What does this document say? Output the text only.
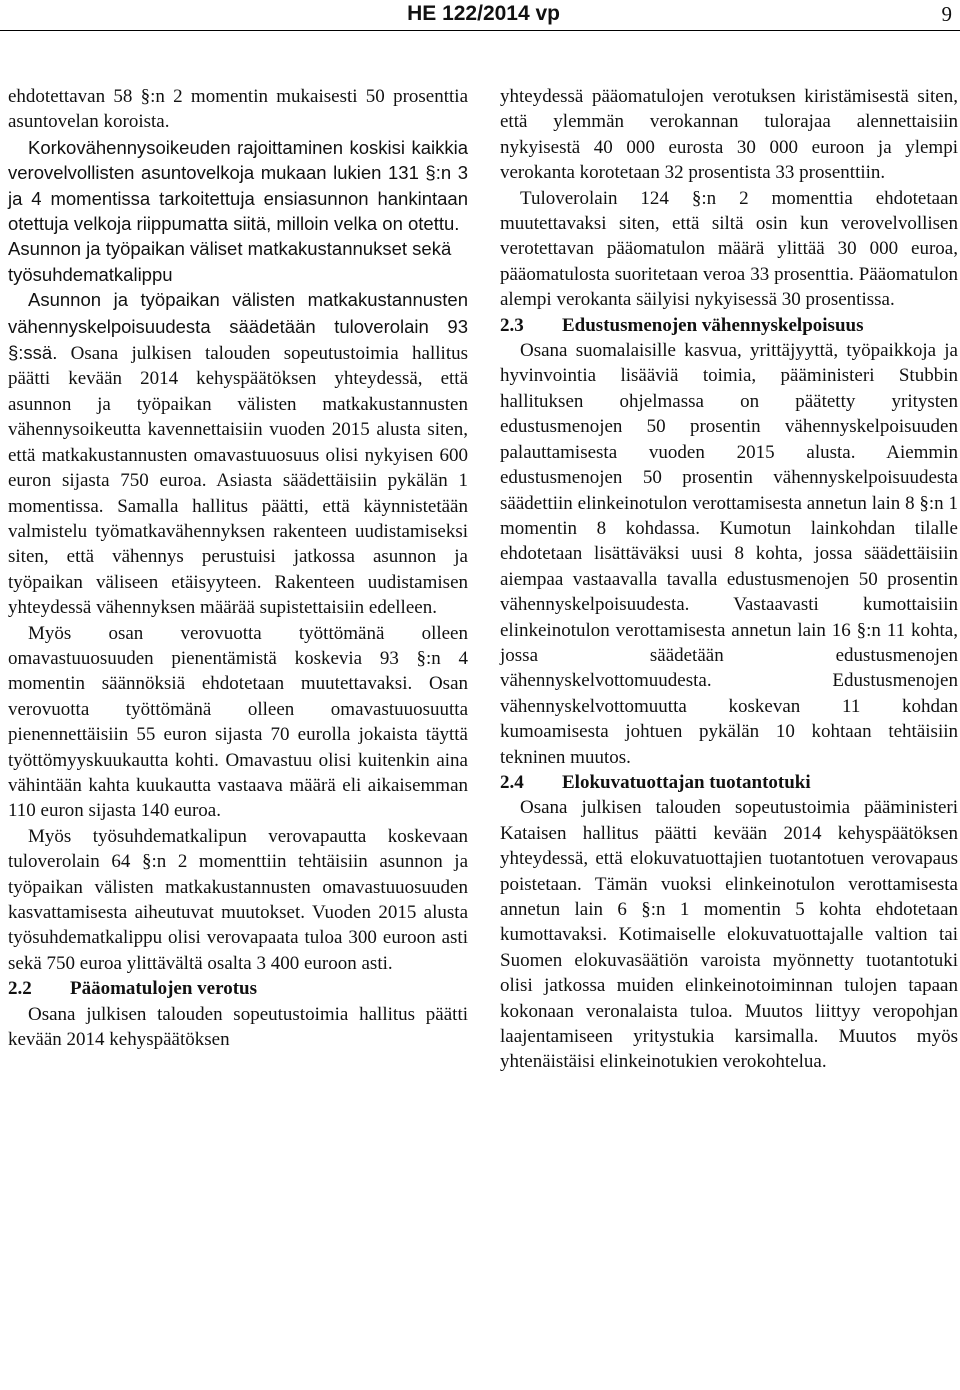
HE 122/2014 vp	9

ehdotettavan 58 §:n 2 momentin mukaisesti 50 prosenttia asuntovelan koroista.

Korkovähennysoikeuden rajoittaminen koskisi kaikkia verovelvollisten asuntovelkoja mukaan lukien 131 §:n 3 ja 4 momentissa tarkoitettuja ensiasunnon hankintaan otettuja velkoja riippumatta siitä, milloin velka on otettu.

Asunnon ja työpaikan väliset matkakustannukset sekä työsuhdematkalippu

Asunnon ja työpaikan välisten matkakustannusten vähennyskelpoisuudesta säädetään tuloverolain 93 §:ssä. Osana julkisen talouden sopeutustoimia hallitus päätti kevään 2014 kehyspäätöksen yhteydessä, että asunnon ja työpaikan välisten matkakustannusten vähennysoikeutta kavennettaisiin vuoden 2015 alusta siten, että matkakustannusten omavastuuosuus olisi nykyisen 600 euron sijasta 750 euroa. Asiasta säädettäisiin pykälän 1 momentissa. Samalla hallitus päätti, että käynnistetään valmistelu työmatkavähennyksen rakenteen uudistamiseksi siten, että vähennys perustuisi jatkossa asunnon ja työpaikan väliseen etäisyyteen. Rakenteen uudistamisen yhteydessä vähennyksen määrää supistettaisiin edelleen.

Myös osan verovuotta työttömänä olleen omavastuuosuuden pienentämistä koskevia 93 §:n 4 momentin säännöksiä ehdotetaan muutettavaksi. Osan verovuotta työttömänä olleen omavastuuosuutta pienennettäisiin 55 euron sijasta 70 eurolla jokaista täyttä työttömyyskuukautta kohti. Omavastuu olisi kuitenkin aina vähintään kahta kuukautta vastaava määrä eli aikaisemman 110 euron sijasta 140 euroa.

Myös työsuhdematkalipun verovapautta koskevaan tuloverolain 64 §:n 2 momenttiin tehtäisiin asunnon ja työpaikan välisten matkakustannusten omavastuuosuuden kasvattamisesta aiheutuvat muutokset. Vuoden 2015 alusta työsuhdematkalippu olisi verovapaata tuloa 300 euroon asti sekä 750 euroa ylittävältä osalta 3 400 euroon asti.

2.2 Pääomatulojen verotus

Osana julkisen talouden sopeutustoimia hallitus päätti kevään 2014 kehyspäätöksen

yhteydessä pääomatulojen verotuksen kiristämisestä siten, että ylemmän verokannan tulorajaa alennettaisiin nykyisestä 40 000 eurosta 30 000 euroon ja ylempi verokanta korotetaan 32 prosentista 33 prosenttiin.

Tuloverolain 124 §:n 2 momenttia ehdotetaan muutettavaksi siten, että siltä osin kun verovelvollisen verotettavan pääomatulon määrä ylittää 30 000 euroa, pääomatulosta suoritetaan veroa 33 prosenttia. Pääomatulon alempi verokanta säilyisi nykyisessä 30 prosentissa.

2.3 Edustusmenojen vähennyskelpoisuus

Osana suomalaisille kasvua, yrittäjyyttä, työpaikkoja ja hyvinvointia lisääviä toimia, pääministeri Stubbin hallituksen ohjelmassa on päätetty yritysten edustusmenojen 50 prosentin vähennyskelpoisuuden palauttamisesta vuoden 2015 alusta. Aiemmin edustusmenojen 50 prosentin vähennyskelpoisuudesta säädettiin elinkeinotulon verottamisesta annetun lain 8 §:n 1 momentin 8 kohdassa. Kumotun lainkohdan tilalle ehdotetaan lisättäväksi uusi 8 kohta, jossa säädettäisiin aiempaa vastaavalla tavalla edustusmenojen 50 prosentin vähennyskelpoisuudesta. Vastaavasti kumottaisiin elinkeinotulon verottamisesta annetun lain 16 §:n 11 kohta, jossa säädetään edustusmenojen vähennyskelvottomuudesta. Edustusmenojen vähennyskelvottomuutta koskevan 11 kohdan kumoamisesta johtuen pykälän 10 kohtaan tehtäisiin tekninen muutos.

2.4 Elokuvatuottajan tuotantotuki

Osana julkisen talouden sopeutustoimia pääministeri Kataisen hallitus päätti kevään 2014 kehyspäätöksen yhteydessä, että elokuvatuottajien tuotantotuen verovapaus poistetaan. Tämän vuoksi elinkeinotulon verottamisesta annetun lain 6 §:n 1 momentin 5 kohta ehdotetaan kumottavaksi. Kotimaiselle elokuvatuottajalle valtion tai Suomen elokuvasäätiön varoista myönnetty tuotantotuki olisi jatkossa muiden elinkeinotoiminnan tulojen tapaan kokonaan veronalaista tuloa. Muutos liittyy veropohjan laajentamiseen yritystukia karsimalla. Muutos myös yhtenäistäisi elinkeinotukien verokohtelua.
